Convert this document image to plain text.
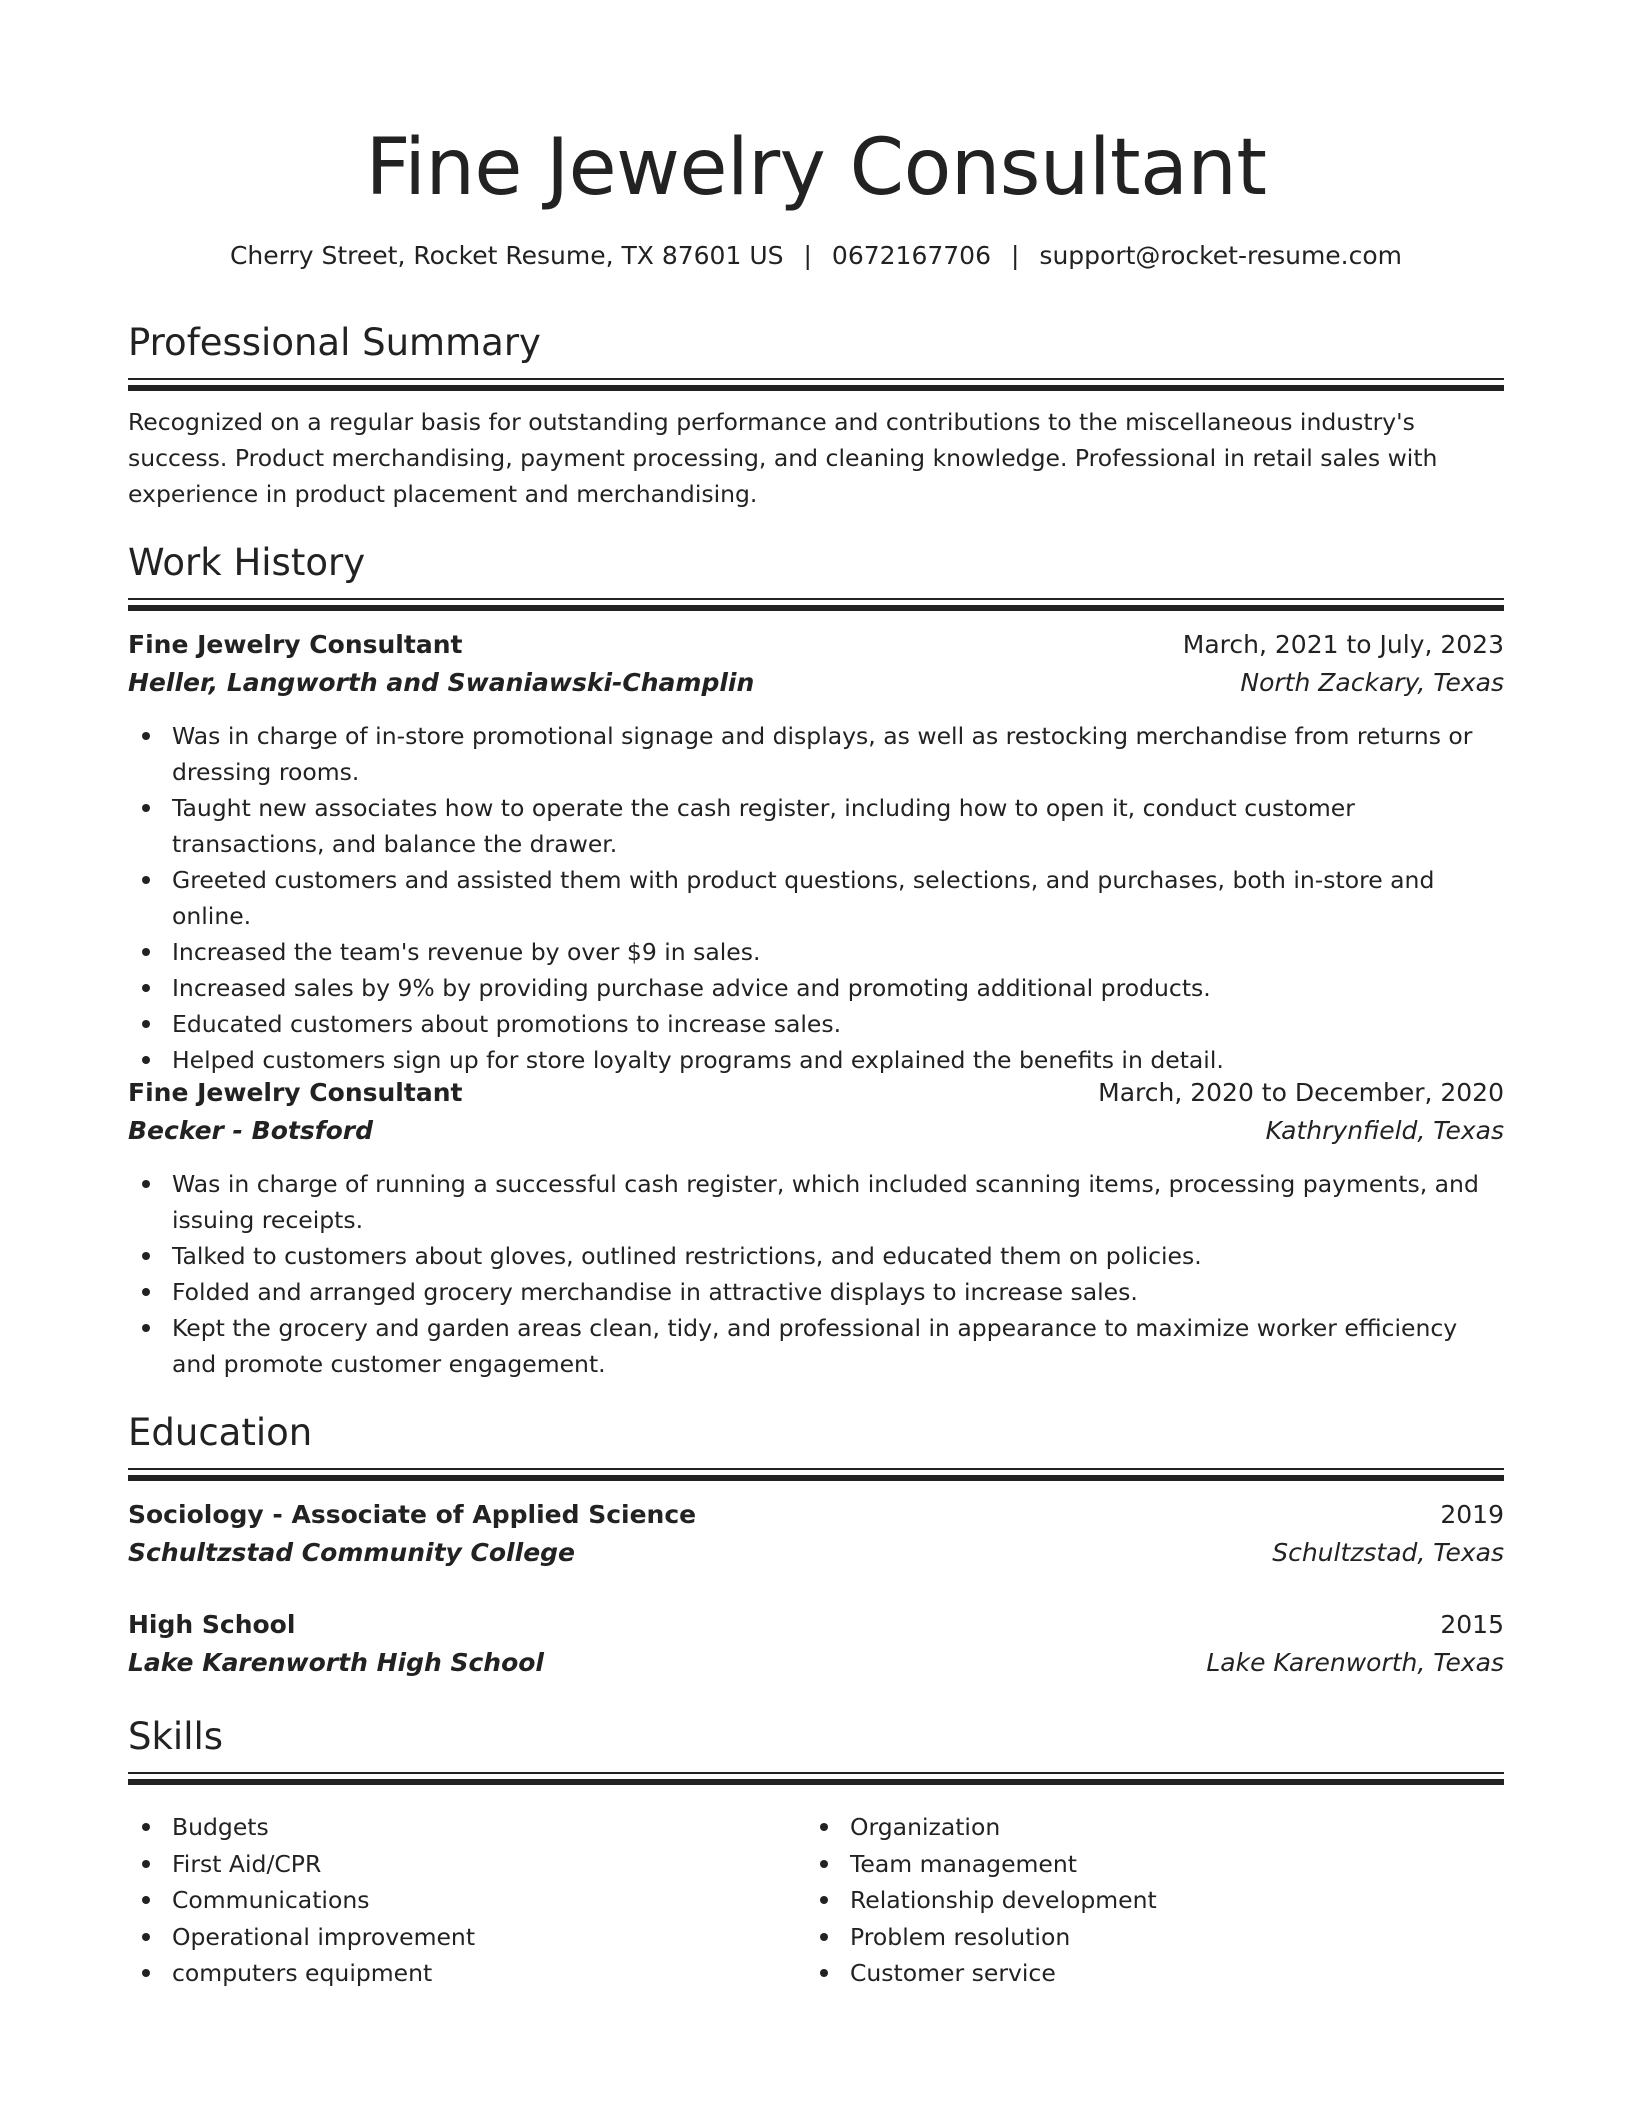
Fine Jewelry Consultant
Cherry Street, Rocket Resume, TX 87601 US | 0672167706 | support@rocket-resume.com
Professional Summary
Recognized on a regular basis for outstanding performance and contributions to the miscellaneous industry's success. Product merchandising, payment processing, and cleaning knowledge. Professional in retail sales with experience in product placement and merchandising.
Work History
Fine Jewelry Consultant	March, 2021 to July, 2023
Heller, Langworth and Swaniawski-Champlin	North Zackary, Texas
Was in charge of in-store promotional signage and displays, as well as restocking merchandise from returns or dressing rooms.
Taught new associates how to operate the cash register, including how to open it, conduct customer transactions, and balance the drawer.
Greeted customers and assisted them with product questions, selections, and purchases, both in-store and online.
Increased the team's revenue by over $9 in sales.
Increased sales by 9% by providing purchase advice and promoting additional products.
Educated customers about promotions to increase sales.
Helped customers sign up for store loyalty programs and explained the benefits in detail.
Fine Jewelry Consultant	March, 2020 to December, 2020
Becker - Botsford	Kathrynfield, Texas
Was in charge of running a successful cash register, which included scanning items, processing payments, and issuing receipts.
Talked to customers about gloves, outlined restrictions, and educated them on policies.
Folded and arranged grocery merchandise in attractive displays to increase sales.
Kept the grocery and garden areas clean, tidy, and professional in appearance to maximize worker efficiency and promote customer engagement.
Education
Sociology - Associate of Applied Science	2019
Schultzstad Community College	Schultzstad, Texas
High School	2015
Lake Karenworth High School	Lake Karenworth, Texas
Skills
Budgets
First Aid/CPR
Communications
Operational improvement
computers equipment
Organization
Team management
Relationship development
Problem resolution
Customer service
